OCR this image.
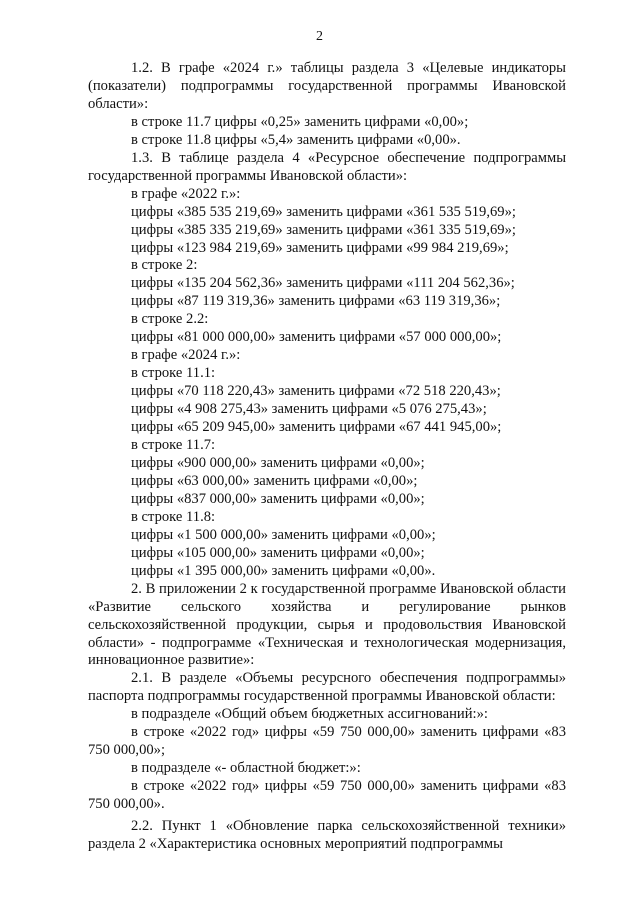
2

1.2. В графе «2024 г.» таблицы раздела 3 «Целевые индикаторы (показатели) подпрограммы государственной программы Ивановской области»:

в строке 11.7 цифры «0,25» заменить цифрами «0,00»;

в строке 11.8 цифры «5,4» заменить цифрами «0,00».

1.3. В таблице раздела 4 «Ресурсное обеспечение подпрограммы государственной программы Ивановской области»:

в графе «2022 г.»:

цифры «385 535 219,69» заменить цифрами «361 535 519,69»;

цифры «385 335 219,69» заменить цифрами «361 335 519,69»;

цифры «123 984 219,69» заменить цифрами «99 984 219,69»;

в строке 2:

цифры «135 204 562,36» заменить цифрами «111 204 562,36»;

цифры «87 119 319,36» заменить цифрами «63 119 319,36»;

в строке 2.2:

цифры «81 000 000,00» заменить цифрами «57 000 000,00»;

в графе «2024 г.»:

в строке 11.1:

цифры «70 118 220,43» заменить цифрами «72 518 220,43»;

цифры «4 908 275,43» заменить цифрами «5 076 275,43»;

цифры «65 209 945,00» заменить цифрами «67 441 945,00»;

в строке 11.7:

цифры «900 000,00» заменить цифрами «0,00»;

цифры «63 000,00» заменить цифрами «0,00»;

цифры «837 000,00» заменить цифрами «0,00»;

в строке 11.8:

цифры «1 500 000,00» заменить цифрами «0,00»;

цифры «105 000,00» заменить цифрами «0,00»;

цифры «1 395 000,00» заменить цифрами «0,00».

2. В приложении 2 к государственной программе Ивановской области «Развитие сельского хозяйства и регулирование рынков сельскохозяйственной продукции, сырья и продовольствия Ивановской области» - подпрограмме «Техническая и технологическая модернизация, инновационное развитие»:

2.1. В разделе «Объемы ресурсного обеспечения подпрограммы» паспорта подпрограммы государственной программы Ивановской области:

в подразделе «Общий объем бюджетных ассигнований:»:

в строке «2022 год» цифры «59 750 000,00» заменить цифрами «83 750 000,00»;

в подразделе «- областной бюджет:»:

в строке «2022 год» цифры «59 750 000,00» заменить цифрами «83 750 000,00».

2.2. Пункт 1 «Обновление парка сельскохозяйственной техники» раздела 2 «Характеристика основных мероприятий подпрограммы
